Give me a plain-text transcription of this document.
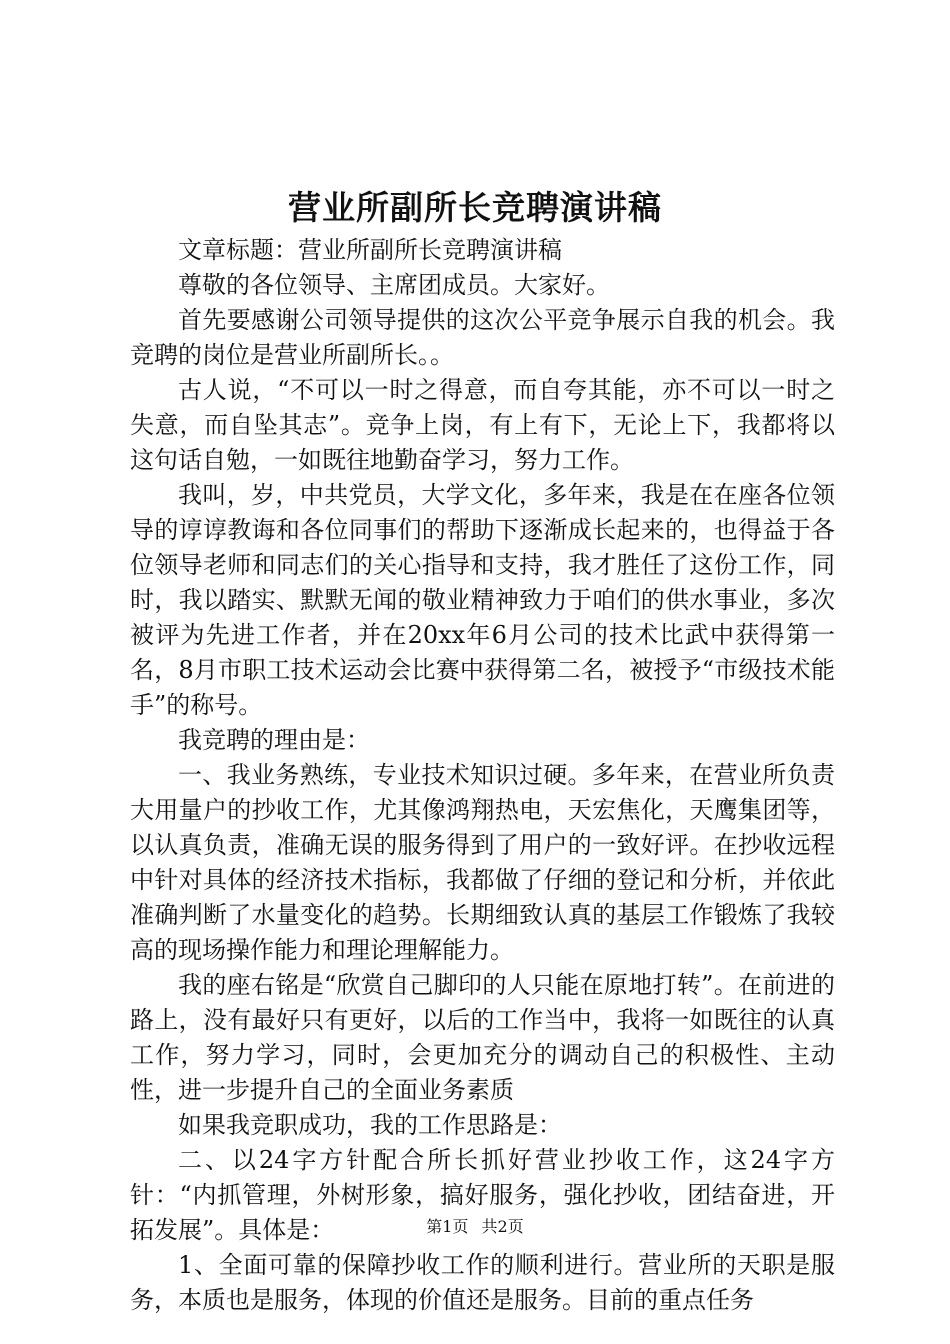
营业所副所长竞聘演讲稿

文章标题：营业所副所长竞聘演讲稿

尊敬的各位领导、主席团成员。大家好。

首先要感谢公司领导提供的这次公平竞争展示自我的机会。我竞聘的岗位是营业所副所长。。

古人说，“不可以一时之得意，而自夸其能，亦不可以一时之失意，而自坠其志”。竞争上岗，有上有下，无论上下，我都将以这句话自勉，一如既往地勤奋学习，努力工作。

我叫，岁，中共党员，大学文化，多年来，我是在在座各位领导的谆谆教诲和各位同事们的帮助下逐渐成长起来的，也得益于各位领导老师和同志们的关心指导和支持，我才胜任了这份工作，同时，我以踏实、默默无闻的敬业精神致力于咱们的供水事业，多次被评为先进工作者，并在20xx年6月公司的技术比武中获得第一名，8月市职工技术运动会比赛中获得第二名，被授予“市级技术能手”的称号。

我竞聘的理由是：

一、我业务熟练，专业技术知识过硬。多年来，在营业所负责大用量户的抄收工作，尤其像鸿翔热电，天宏焦化，天鹰集团等，以认真负责，准确无误的服务得到了用户的一致好评。在抄收远程中针对具体的经济技术指标，我都做了仔细的登记和分析，并依此准确判断了水量变化的趋势。长期细致认真的基层工作锻炼了我较高的现场操作能力和理论理解能力。

我的座右铭是“欣赏自己脚印的人只能在原地打转”。在前进的路上，没有最好只有更好，以后的工作当中，我将一如既往的认真工作，努力学习，同时，会更加充分的调动自己的积极性、主动性，进一步提升自己的全面业务素质

如果我竞职成功，我的工作思路是：

二、以24字方针配合所长抓好营业抄收工作，这24字方针：“内抓管理，外树形象，搞好服务，强化抄收，团结奋进，开拓发展”。具体是：

1、全面可靠的保障抄收工作的顺利进行。营业所的天职是服务，本质也是服务，体现的价值还是服务。目前的重点任务

第1页 共2页
